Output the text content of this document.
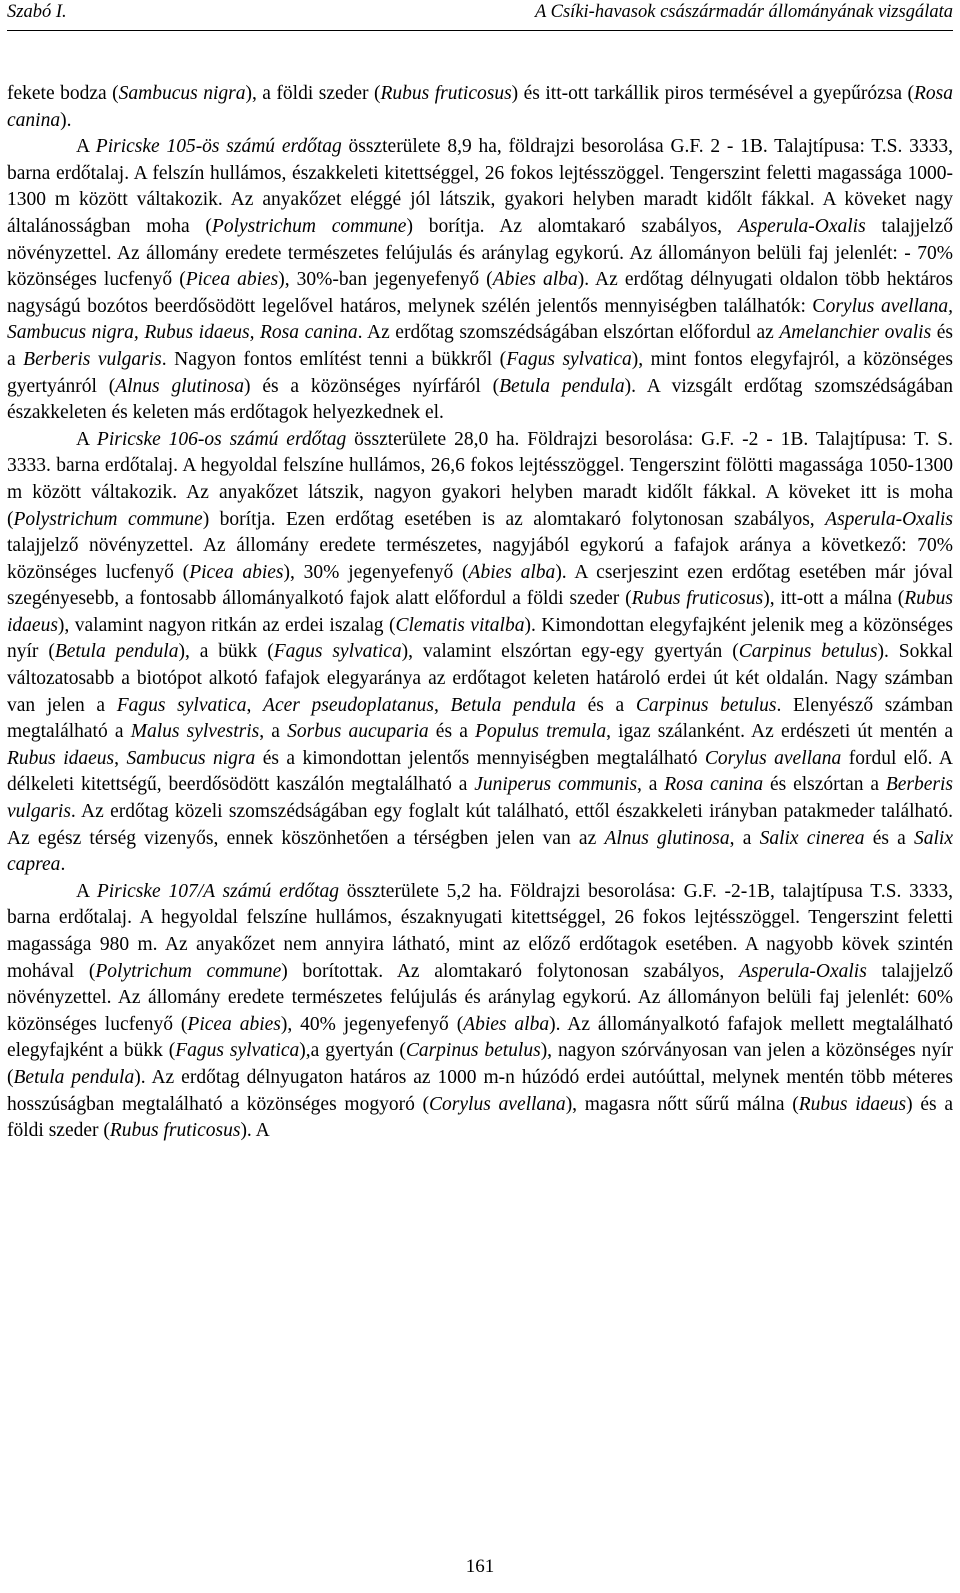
Szabó I.	A Csíki-havasok császármadár állományának vizsgálata

fekete bodza (Sambucus nigra), a földi szeder (Rubus fruticosus) és itt-ott tarkállik piros termésével a gyepűrózsa (Rosa canina).

A Piricske 105-ös számú erdőtag összterülete 8,9 ha, földrajzi besorolása G.F. 2 - 1B. Talajtípusa: T.S. 3333, barna erdőtalaj. A felszín hullámos, északkeleti kitettséggel, 26 fokos lejtésszöggel. Tengerszint feletti magassága 1000-1300 m között váltakozik. Az anyakőzet eléggé jól látszik, gyakori helyben maradt kidőlt fákkal. A köveket nagy általánosságban moha (Polystrichum commune) borítja. Az alomtakaró szabályos, Asperula-Oxalis talajjelző növényzettel. Az állomány eredete természetes felújulás és aránylag egykorú. Az állományon belüli faj jelenlét: - 70% közönséges lucfenyő (Picea abies), 30%-ban jegenyefenyő (Abies alba). Az erdőtag délnyugati oldalon több hektáros nagyságú bozótos beerdősödött legelővel határos, melynek szélén jelentős mennyiségben találhatók: Corylus avellana, Sambucus nigra, Rubus idaeus, Rosa canina. Az erdőtag szomszédságában elszórtan előfordul az Amelanchier ovalis és a Berberis vulgaris. Nagyon fontos említést tenni a bükkről (Fagus sylvatica), mint fontos elegyfajról, a közönséges gyertyánról (Alnus glutinosa) és a közönséges nyírfáról (Betula pendula). A vizsgált erdőtag szomszédságában északkeleten és keleten más erdőtagok helyezkednek el.

A Piricske 106-os számú erdőtag összterülete 28,0 ha. Földrajzi besorolása: G.F. -2 - 1B. Talajtípusa: T. S. 3333. barna erdőtalaj. A hegyoldal felszíne hullámos, 26,6 fokos lejtésszöggel. Tengerszint fölötti magassága 1050-1300 m között váltakozik. Az anyakőzet látszik, nagyon gyakori helyben maradt kidőlt fákkal. A köveket itt is moha (Polystrichum commune) borítja. Ezen erdőtag esetében is az alomtakaró folytonosan szabályos, Asperula-Oxalis talajjelző növényzettel. Az állomány eredete természetes, nagyjából egykorú a fafajok aránya a következő: 70% közönséges lucfenyő (Picea abies), 30% jegenyefenyő (Abies alba). A cserjeszint ezen erdőtag esetében már jóval szegényesebb, a fontosabb állományalkotó fajok alatt előfordul a földi szeder (Rubus fruticosus), itt-ott a málna (Rubus idaeus), valamint nagyon ritkán az erdei iszalag (Clematis vitalba). Kimondottan elegyfajként jelenik meg a közönséges nyír (Betula pendula), a bükk (Fagus sylvatica), valamint elszórtan egy-egy gyertyán (Carpinus betulus). Sokkal változatosabb a biotópot alkotó fafajok elegyaránya az erdőtagot keleten határoló erdei út két oldalán. Nagy számban van jelen a Fagus sylvatica, Acer pseudoplatanus, Betula pendula és a Carpinus betulus. Elenyésző számban megtalálható a Malus sylvestris, a Sorbus aucuparia és a Populus tremula, igaz szálanként. Az erdészeti út mentén a Rubus idaeus, Sambucus nigra és a kimondottan jelentős mennyiségben megtalálható Corylus avellana fordul elő. A délkeleti kitettségű, beerdősödött kaszálón megtalálható a Juniperus communis, a Rosa canina és elszórtan a Berberis vulgaris. Az erdőtag közeli szomszédságában egy foglalt kút található, ettől északkeleti irányban patakmeder található. Az egész térség vizenyős, ennek köszönhetően a térségben jelen van az Alnus glutinosa, a Salix cinerea és a Salix caprea.

A Piricske 107/A számú erdőtag összterülete 5,2 ha. Földrajzi besorolása: G.F. -2-1B, talajtípusa T.S. 3333, barna erdőtalaj. A hegyoldal felszíne hullámos, északnyugati kitettséggel, 26 fokos lejtésszöggel. Tengerszint feletti magassága 980 m. Az anyakőzet nem annyira látható, mint az előző erdőtagok esetében. A nagyobb kövek szintén mohával (Polytrichum commune) borítottak. Az alomtakaró folytonosan szabályos, Asperula-Oxalis talajjelző növényzettel. Az állomány eredete természetes felújulás és aránylag egykorú. Az állományon belüli faj jelenlét: 60% közönséges lucfenyő (Picea abies), 40% jegenyefenyő (Abies alba). Az állományalkotó fafajok mellett megtalálható elegyfajként a bükk (Fagus sylvatica),a gyertyán (Carpinus betulus), nagyon szórványosan van jelen a közönséges nyír (Betula pendula). Az erdőtag délnyugaton határos az 1000 m-n húzódó erdei autóúttal, melynek mentén több méteres hosszúságban megtalálható a közönséges mogyoró (Corylus avellana), magasra nőtt sűrű málna (Rubus idaeus) és a földi szeder (Rubus fruticosus). A

161
